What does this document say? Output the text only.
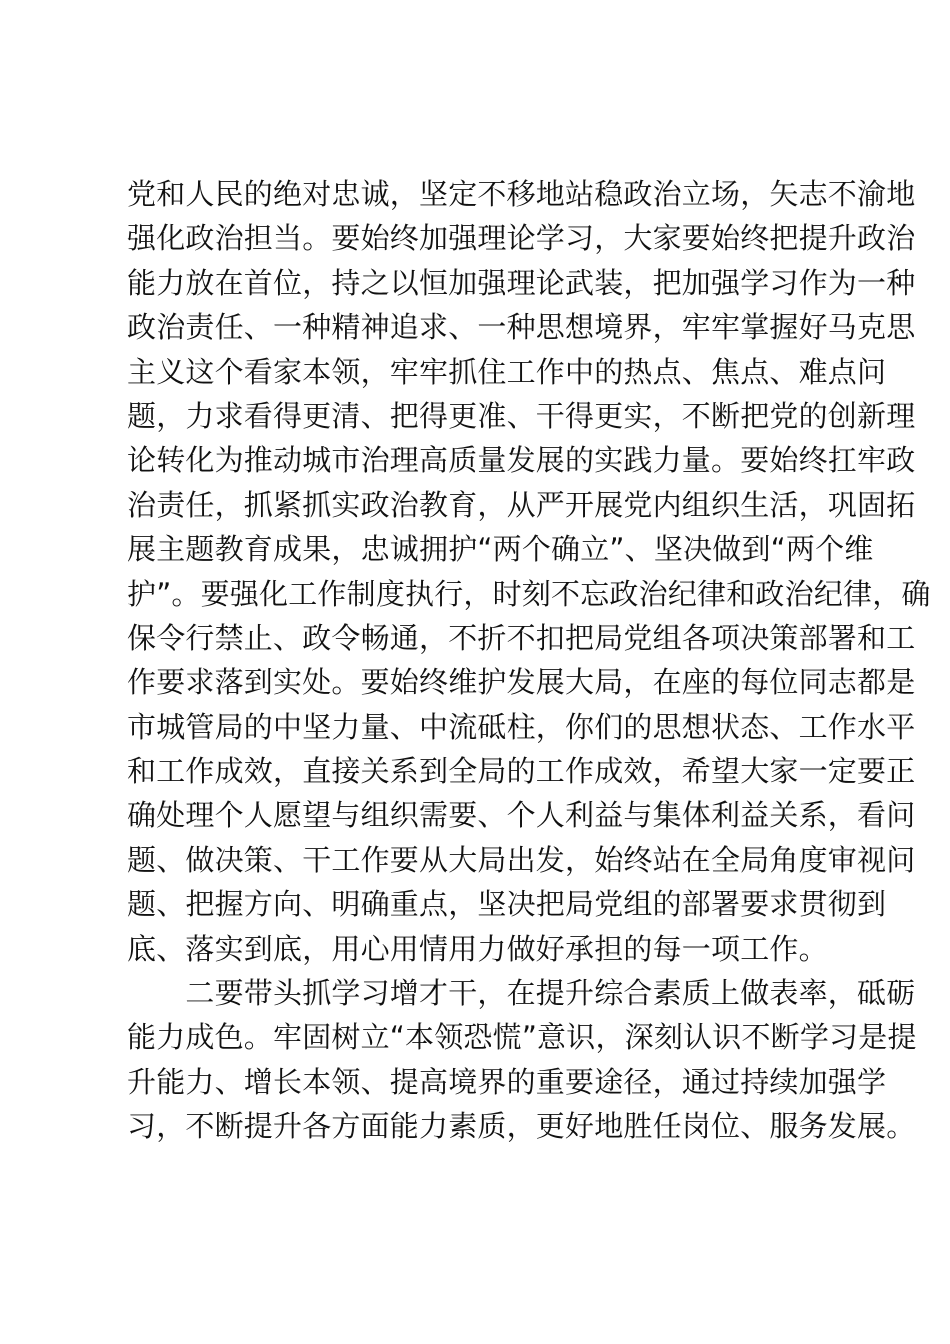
党和人民的绝对忠诚，坚定不移地站稳政治立场，矢志不渝地
强化政治担当。要始终加强理论学习，大家要始终把提升政治
能力放在首位，持之以恒加强理论武装，把加强学习作为一种
政治责任、一种精神追求、一种思想境界，牢牢掌握好马克思
主义这个看家本领，牢牢抓住工作中的热点、焦点、难点问
题，力求看得更清、把得更准、干得更实，不断把党的创新理
论转化为推动城市治理高质量发展的实践力量。要始终扛牢政
治责任，抓紧抓实政治教育，从严开展党内组织生活，巩固拓
展主题教育成果，忠诚拥护“两个确立”、坚决做到“两个维
护”。要强化工作制度执行，时刻不忘政治纪律和政治纪律，确
保令行禁止、政令畅通，不折不扣把局党组各项决策部署和工
作要求落到实处。要始终维护发展大局，在座的每位同志都是
市城管局的中坚力量、中流砥柱，你们的思想状态、工作水平
和工作成效，直接关系到全局的工作成效，希望大家一定要正
确处理个人愿望与组织需要、个人利益与集体利益关系，看问
题、做决策、干工作要从大局出发，始终站在全局角度审视问
题、把握方向、明确重点，坚决把局党组的部署要求贯彻到
底、落实到底，用心用情用力做好承担的每一项工作。
　　二要带头抓学习增才干，在提升综合素质上做表率，砥砺
能力成色。牢固树立“本领恐慌”意识，深刻认识不断学习是提
升能力、增长本领、提高境界的重要途径，通过持续加强学
习，不断提升各方面能力素质，更好地胜任岗位、服务发展。
